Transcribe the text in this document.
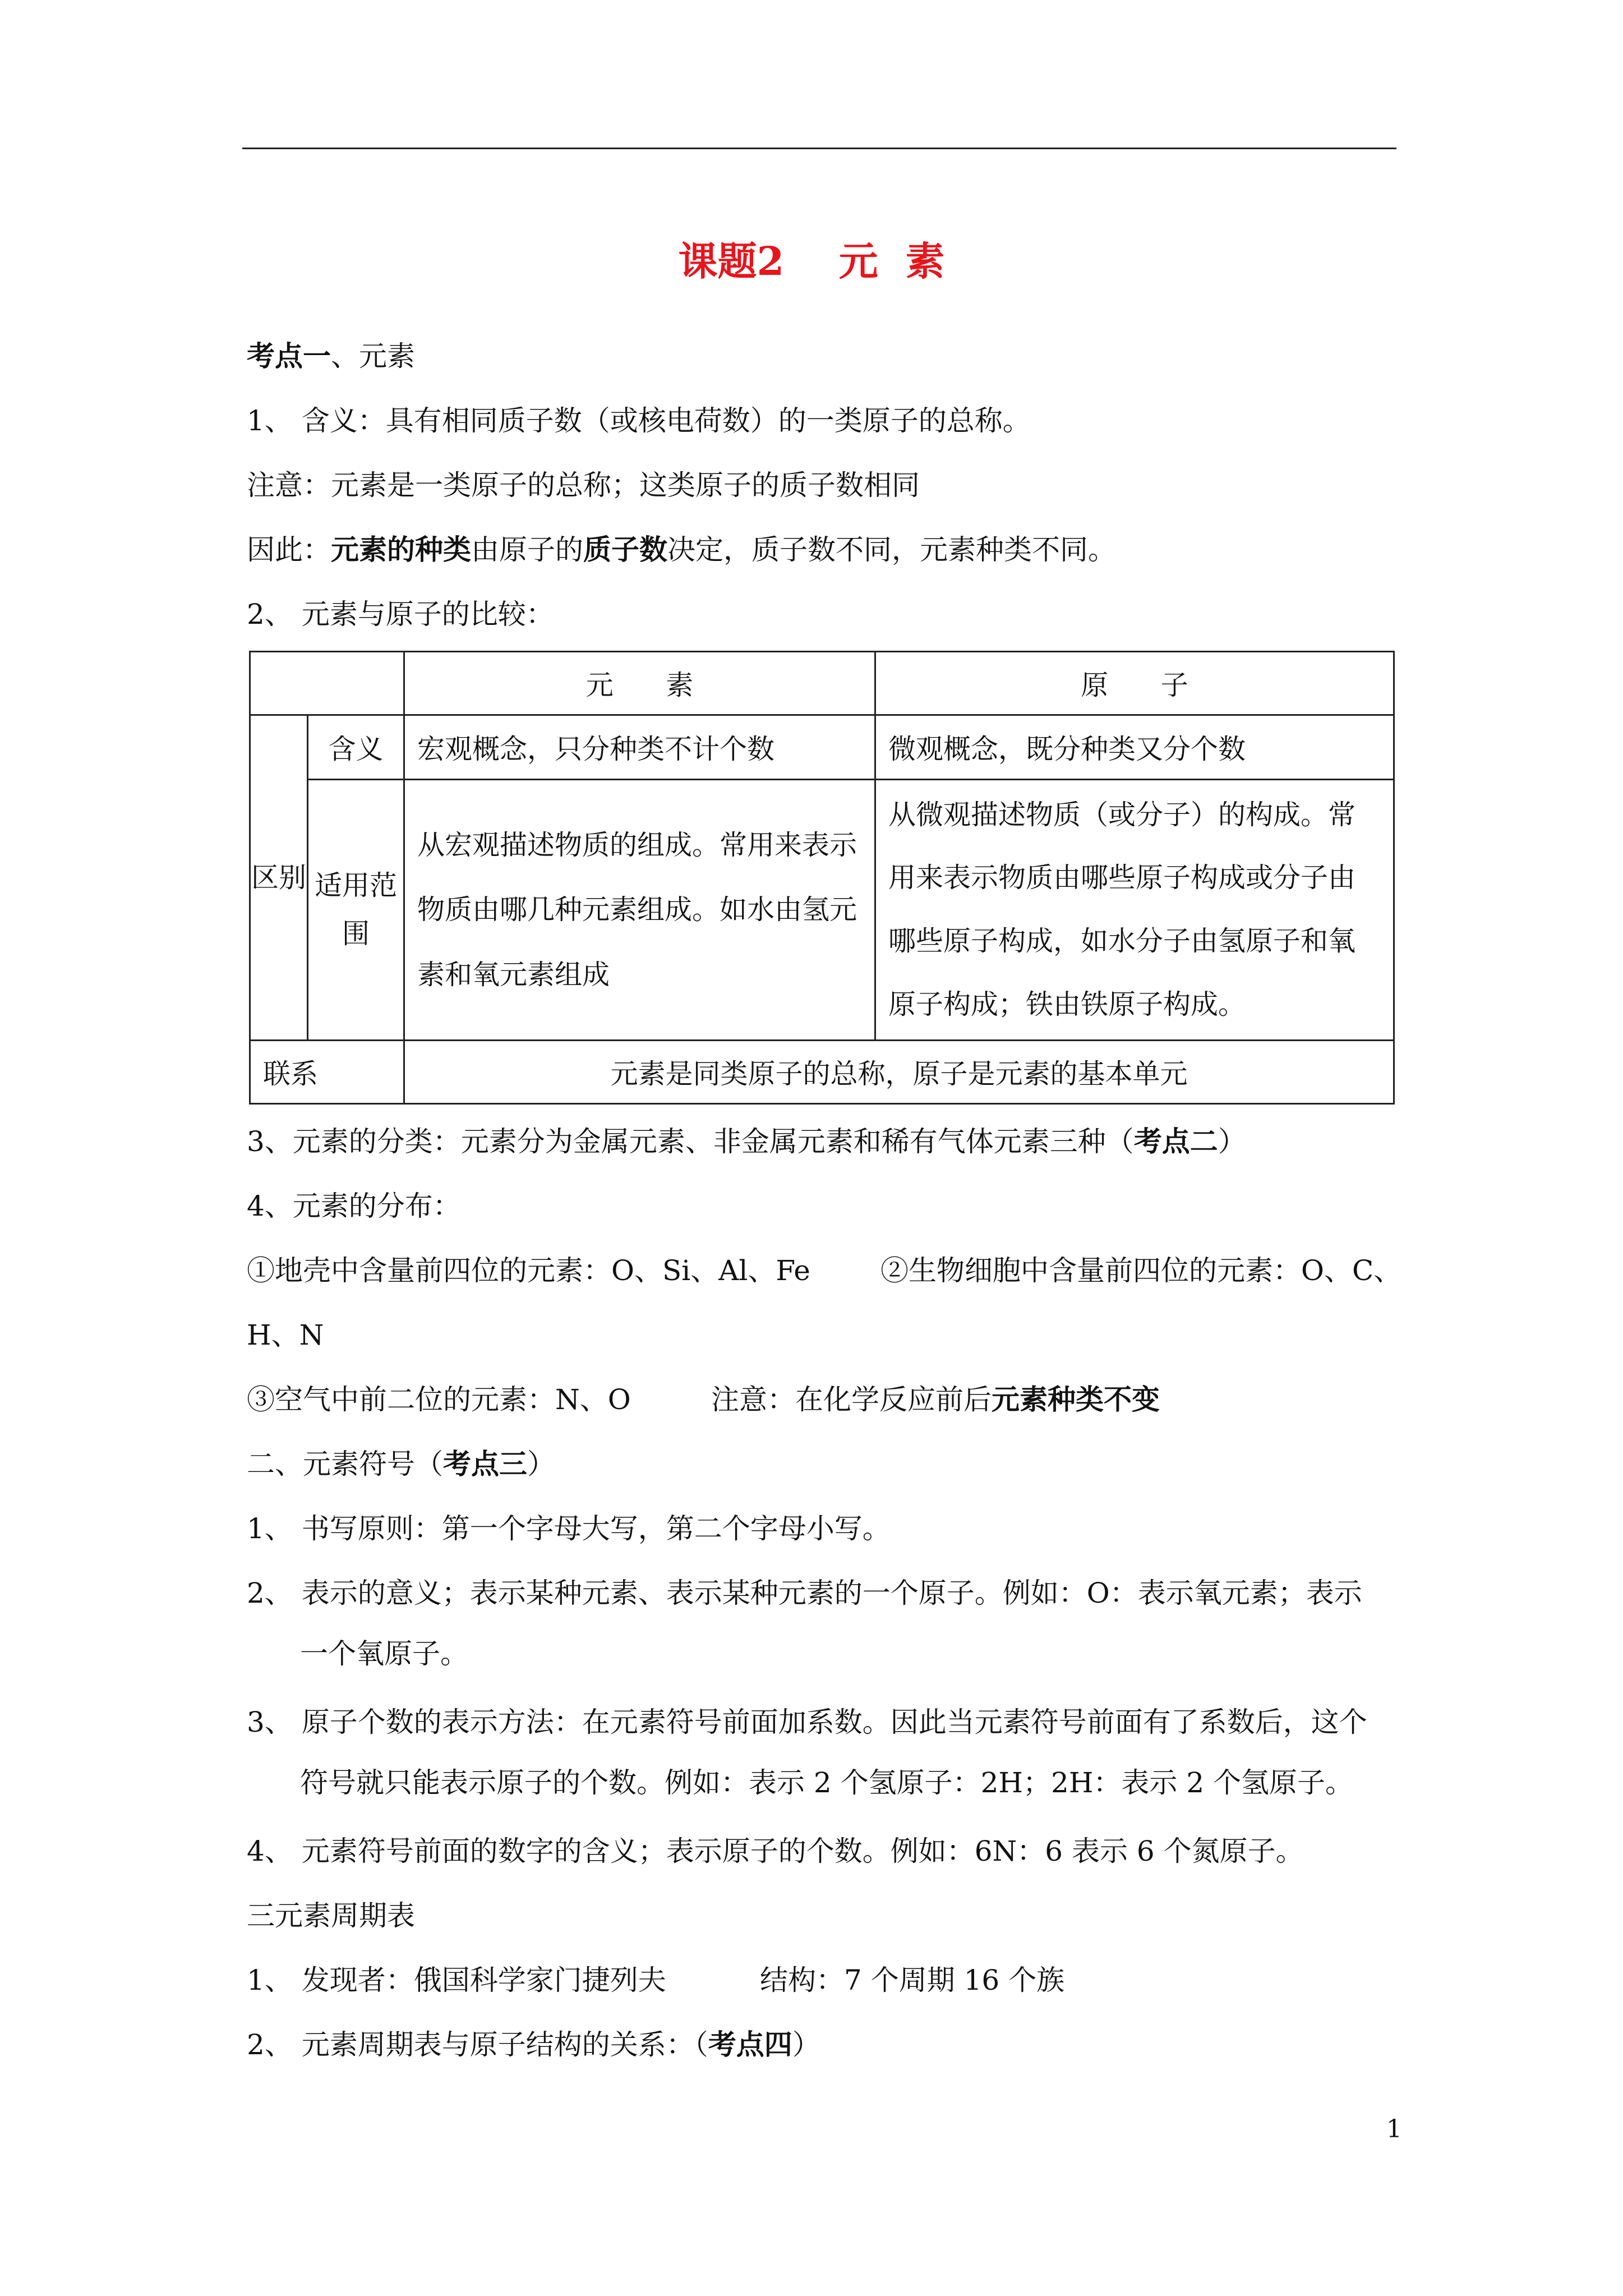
课题2    元  素
考点一、元素
1、 含义：具有相同质子数（或核电荷数）的一类原子的总称。
注意：元素是一类原子的总称；这类原子的质子数相同
因此：元素的种类由原子的质子数决定，质子数不同，元素种类不同。
2、 元素与原子的比较：
		元      素	原      子
区别	含义	宏观概念，只分种类不计个数	微观概念，既分种类又分个数
	适用范围	从宏观描述物质的组成。常用来表示物质由哪几种元素组成。如水由氢元素和氧元素组成	从微观描述物质（或分子）的构成。常用来表示物质由哪些原子构成或分子由哪些原子构成，如水分子由氢原子和氧原子构成；铁由铁原子构成。
联系		元素是同类原子的总称，原子是元素的基本单元	
3、元素的分类：元素分为金属元素、非金属元素和稀有气体元素三种（考点二）
4、元素的分布：
①地壳中含量前四位的元素：O、Si、Al、Fe	②生物细胞中含量前四位的元素：O、C、
H、N
③空气中前二位的元素：N、O	注意：在化学反应前后元素种类不变
二、元素符号（考点三）
1、 书写原则：第一个字母大写，第二个字母小写。
2、 表示的意义；表示某种元素、表示某种元素的一个原子。例如：O：表示氧元素；表示
一个氧原子。
3、 原子个数的表示方法：在元素符号前面加系数。因此当元素符号前面有了系数后，这个
符号就只能表示原子的个数。例如：表示 2 个氢原子：2H；2H：表示 2 个氢原子。
4、 元素符号前面的数字的含义；表示原子的个数。例如：6N：6 表示 6 个氮原子。
三元素周期表
1、 发现者：俄国科学家门捷列夫	结构：7 个周期 16 个族
2、 元素周期表与原子结构的关系：（考点四）
1
